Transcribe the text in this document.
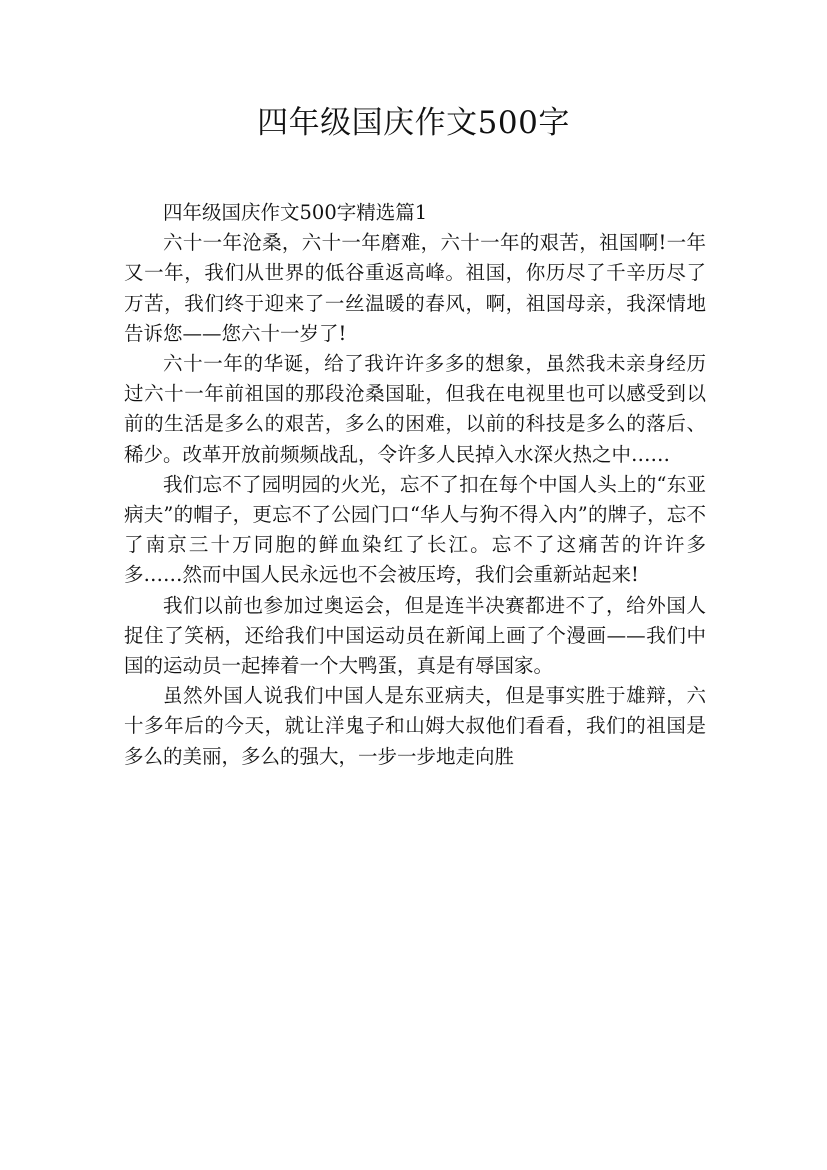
四年级国庆作文500字
四年级国庆作文500字精选篇1

六十一年沧桑，六十一年磨难，六十一年的艰苦，祖国啊!一年又一年，我们从世界的低谷重返高峰。祖国，你历尽了千辛历尽了万苦，我们终于迎来了一丝温暖的春风，啊，祖国母亲，我深情地告诉您——您六十一岁了!

六十一年的华诞，给了我许许多多的想象，虽然我未亲身经历过六十一年前祖国的那段沧桑国耻，但我在电视里也可以感受到以前的生活是多么的艰苦，多么的困难，以前的科技是多么的落后、稀少。改革开放前频频战乱，令许多人民掉入水深火热之中……

我们忘不了园明园的火光，忘不了扣在每个中国人头上的“东亚病夫”的帽子，更忘不了公园门口“华人与狗不得入内”的牌子，忘不了南京三十万同胞的鲜血染红了长江。忘不了这痛苦的许许多多……然而中国人民永远也不会被压垮，我们会重新站起来!

我们以前也参加过奥运会，但是连半决赛都进不了，给外国人捉住了笑柄，还给我们中国运动员在新闻上画了个漫画——我们中国的运动员一起捧着一个大鸭蛋，真是有辱国家。

虽然外国人说我们中国人是东亚病夫，但是事实胜于雄辩，六十多年后的今天，就让洋鬼子和山姆大叔他们看看，我们的祖国是多么的美丽，多么的强大，一步一步地走向胜
